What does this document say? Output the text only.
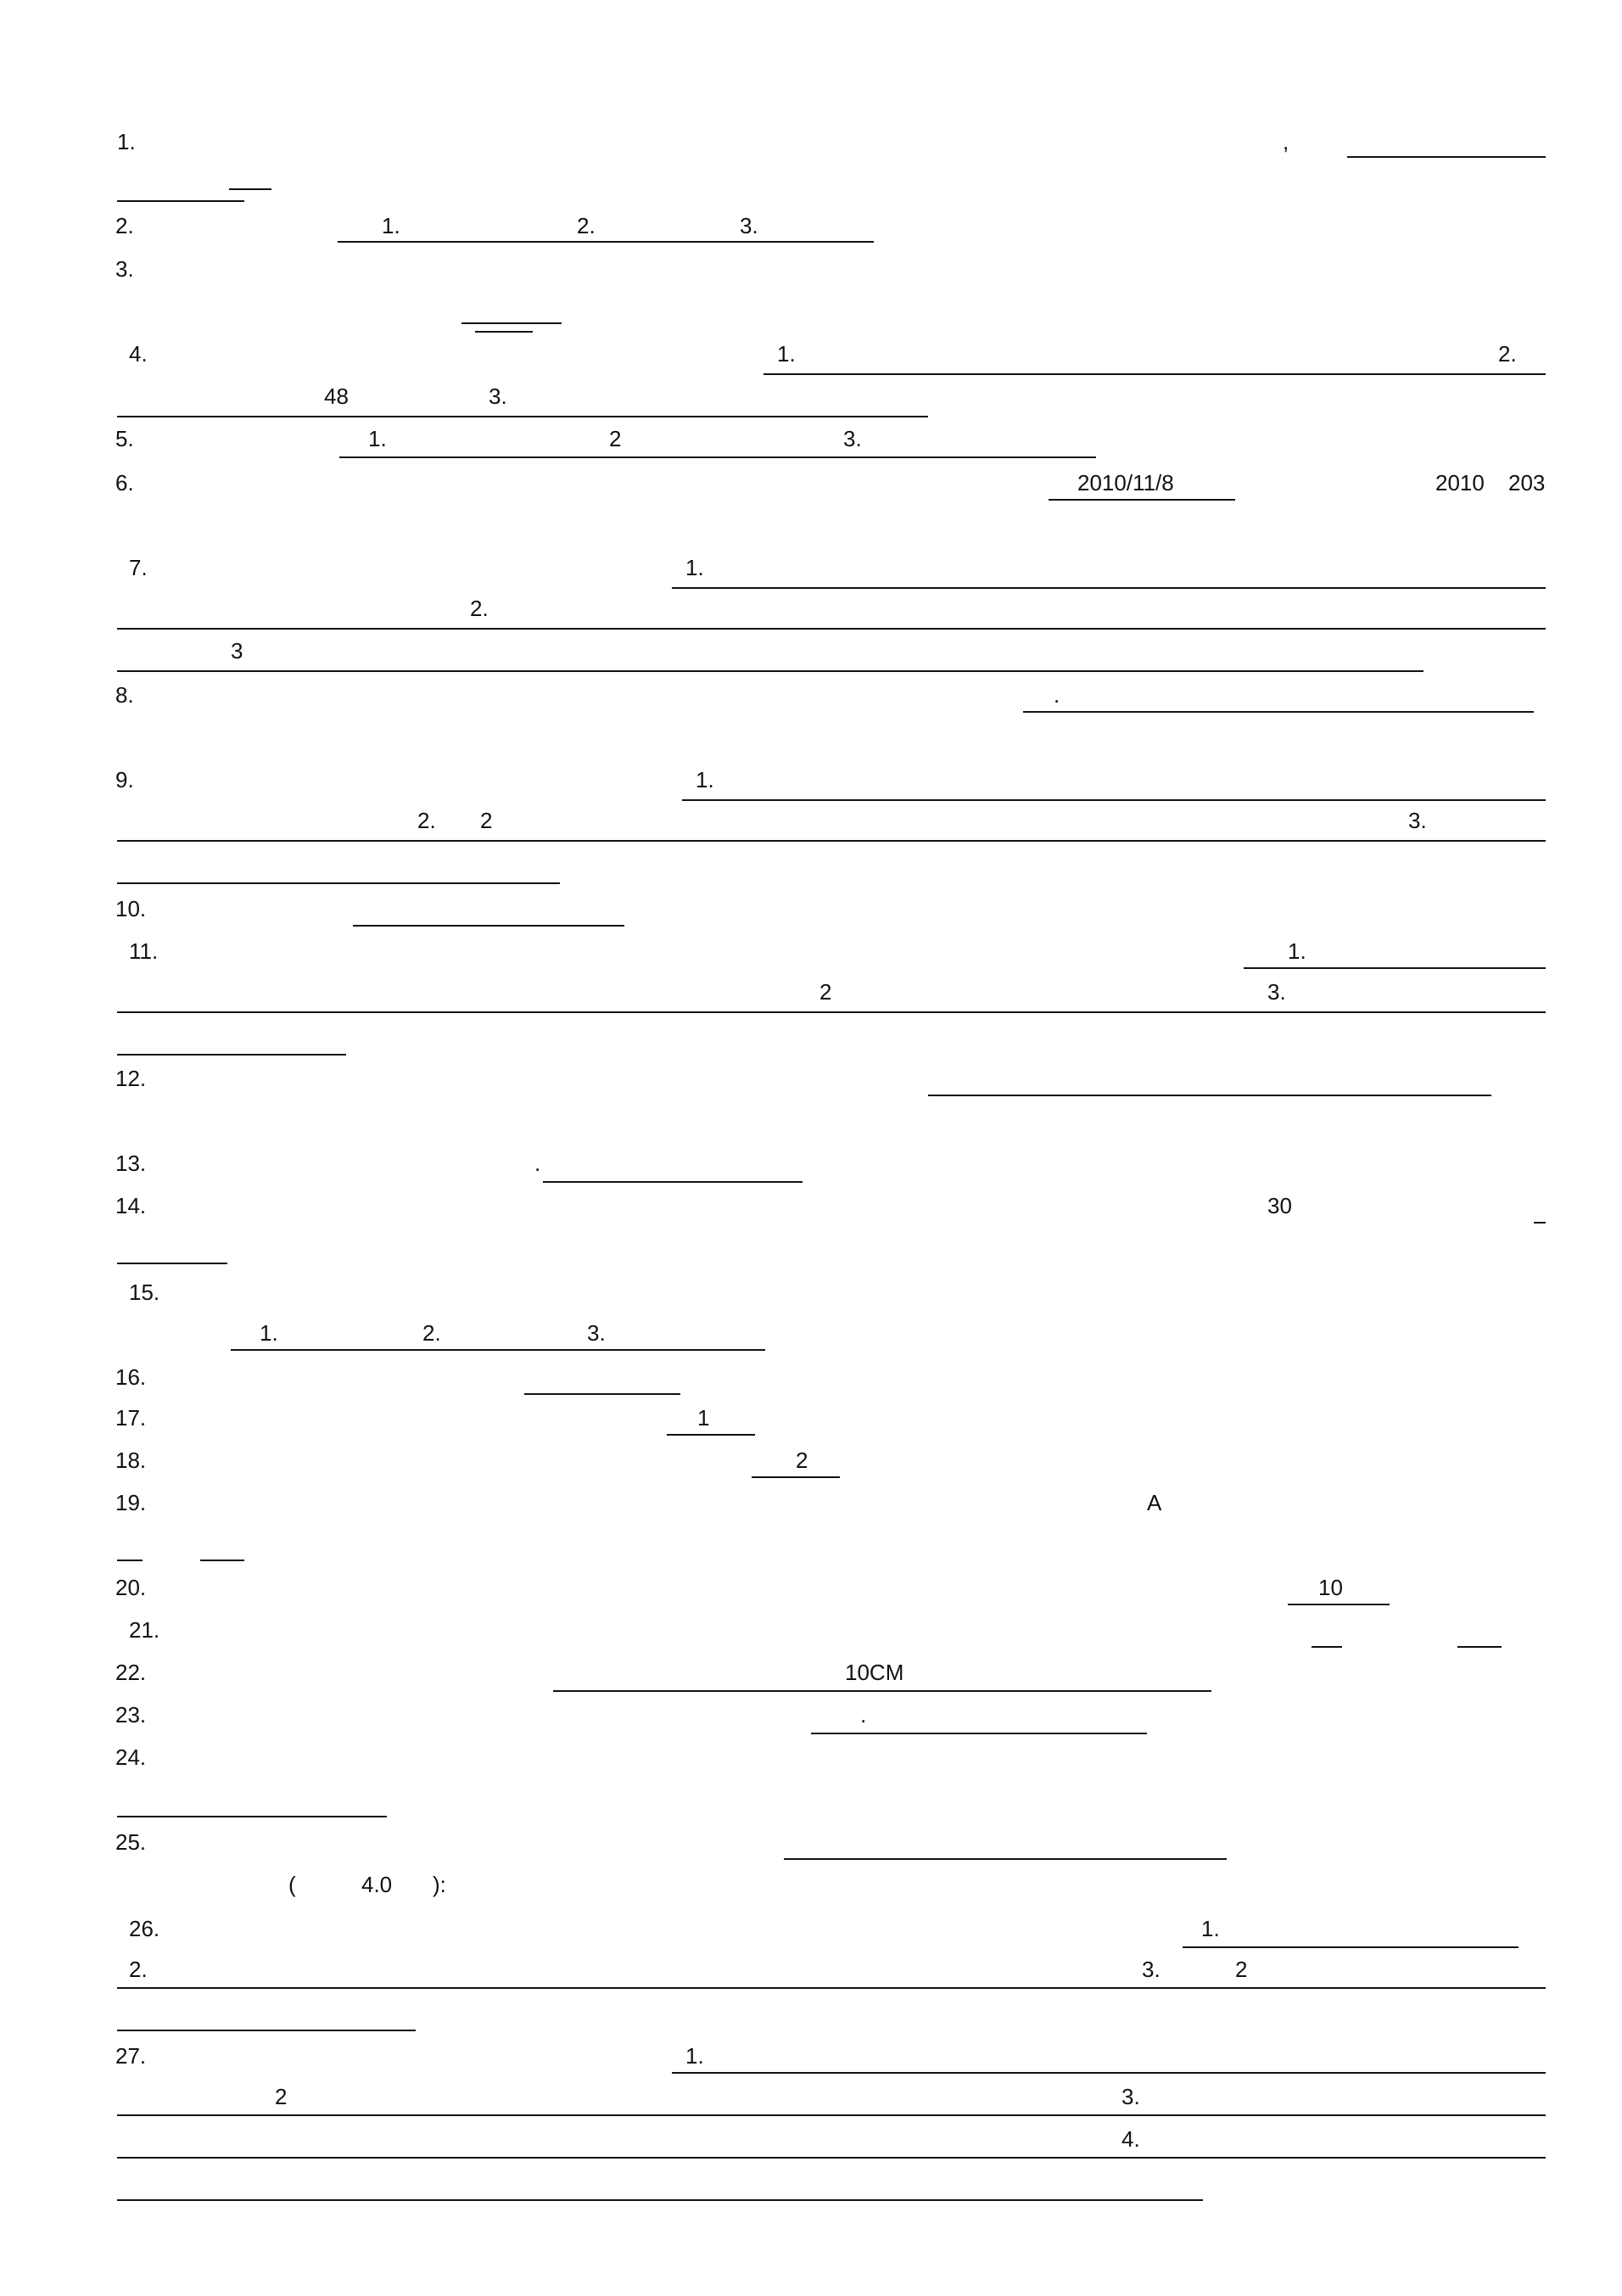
1.	,
2.	1.	2.	3.
3.
4.	1.	2.
48	3.
5.	1.	2	3.
6.	2010/11/8	2010 203
7.	1.
2.
3
8.	.
9.	1.
2. 2	3.
10.
11.	1.
2	3.
12.
13.	.
14.	30
15.
1.	2.	3.
16.
17.	1
18.	2
19.	A
20.	10
21.
22.	10CM
23.	.
24.
25.
(	4.0 ):
26.	1.
2.	3.	2
27.	1.
2	3.
4.
